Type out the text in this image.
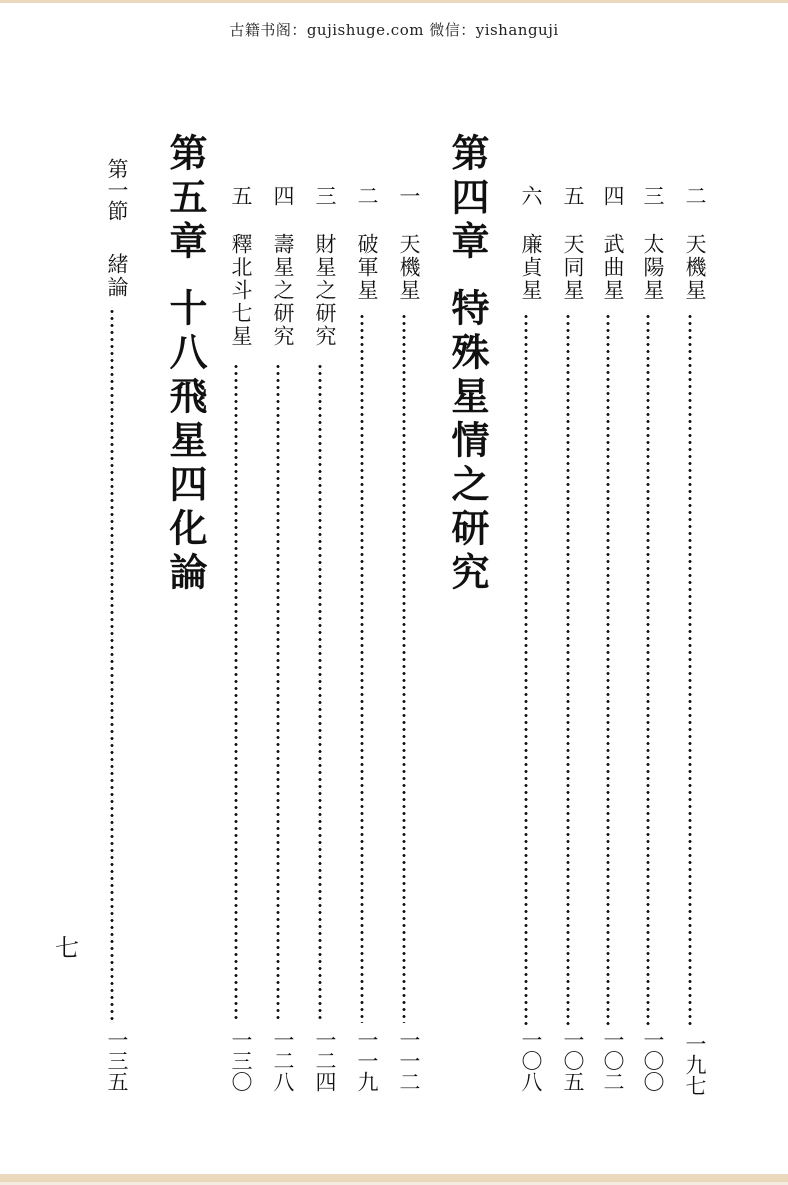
古籍书阁：gujishuge.com 微信：yishanguji
二
天機星
一九七
三
太陽星
一〇〇
四
武曲星
一〇二
五
天同星
一〇五
六
廉貞星
一〇八
第四章
特殊星情之研究
一
天機星
一一二
二
破軍星
一一九
三
財星之研究
一二四
四
壽星之研究
一二八
五
釋北斗七星
一三〇
第五章
十八飛星四化論
第一節
緒論
一三五
七
